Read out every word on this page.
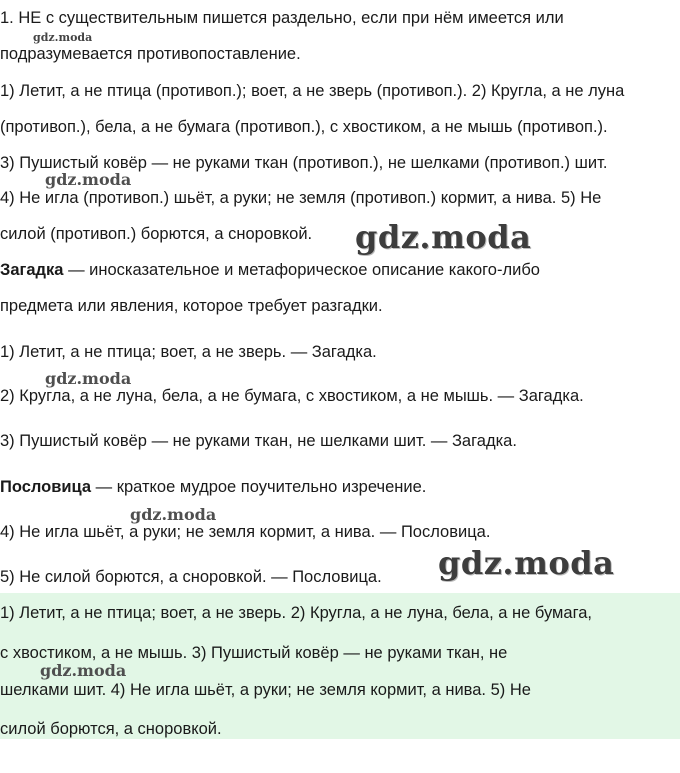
1. НЕ с существительным пишется раздельно, если при нём имеется или
подразумевается противопоставление.
1) Летит, а не птица (противоп.); воет, а не зверь (противоп.). 2) Кругла, а не луна
(противоп.), бела, а не бумага (противоп.), с хвостиком, а не мышь (противоп.).
3) Пушистый ковёр — не руками ткан (противоп.), не шелками (противоп.) шит.
4) Не игла (противоп.) шьёт, а руки; не земля (противоп.) кормит, а нива. 5) Не
силой (противоп.) борются, а сноровкой.
Загадка — иносказательное и метафорическое описание какого-либо
предмета или явления, которое требует разгадки.
1) Летит, а не птица; воет, а не зверь. — Загадка.
2) Кругла, а не луна, бела, а не бумага, с хвостиком, а не мышь. — Загадка.
3) Пушистый ковёр — не руками ткан, не шелками шит. — Загадка.
Пословица — краткое мудрое поучительно изречение.
4) Не игла шьёт, а руки; не земля кормит, а нива. — Пословица.
5) Не силой борются, а сноровкой. — Пословица.
1) Летит, а не птица; воет, а не зверь. 2) Кругла, а не луна, бела, а не бумага,
с хвостиком, а не мышь. 3) Пушистый ковёр — не руками ткан, не
шелками шит. 4) Не игла шьёт, а руки; не земля кормит, а нива. 5) Не
силой борются, а сноровкой.
gdz.moda
gdz.moda
gdz.moda
gdz.moda
gdz.moda
gdz.moda
gdz.moda
